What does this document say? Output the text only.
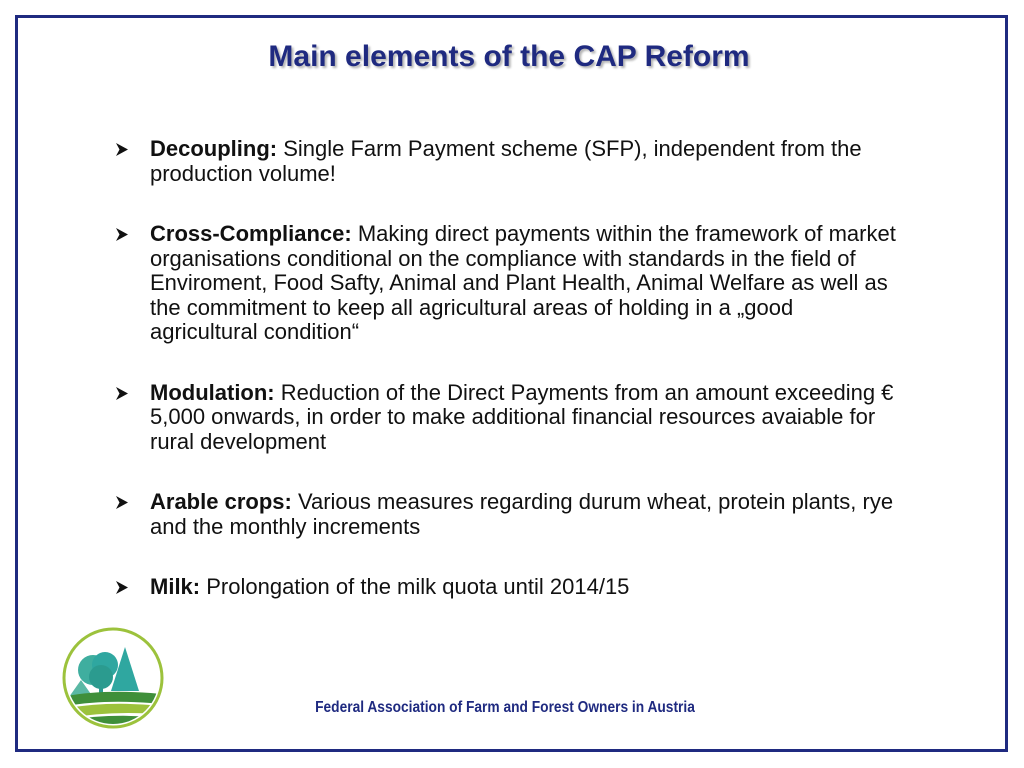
Main elements of the CAP Reform
Decoupling: Single Farm Payment scheme (SFP), independent from the production volume!
Cross-Compliance: Making direct payments within the framework of market organisations conditional on the compliance with standards in the field of Enviroment, Food Safty, Animal and Plant Health, Animal Welfare as well as the commitment to keep all agricultural areas of holding in a „good agricultural condition“
Modulation: Reduction of the Direct Payments from an amount exceeding € 5,000 onwards, in order to make additional financial resources avaiable for rural development
Arable crops: Various measures regarding durum wheat, protein plants, rye and the monthly increments
Milk: Prolongation of the milk quota until 2014/15
Federal Association of Farm and Forest Owners in Austria
